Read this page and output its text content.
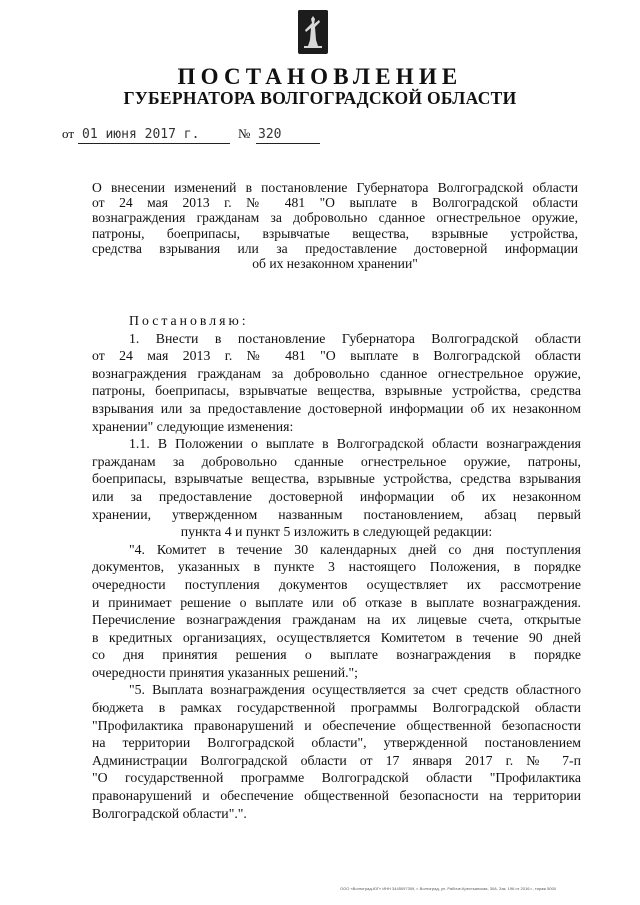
ПОСТАНОВЛЕНИЕ
ГУБЕРНАТОРА ВОЛГОГРАДСКОЙ ОБЛАСТИ
от 01 июня 2017 г.	№ 320
О внесении изменений в постановление Губернатора Волгоградской области
от 24 мая 2013 г. № 481 "О выплате в Волгоградской области
вознаграждения гражданам за добровольно сданное огнестрельное оружие,
патроны, боеприпасы, взрывчатые вещества, взрывные устройства,
средства взрывания или за предоставление достоверной информации
об их незаконном хранении"
Постановляю:
1. Внести в постановление Губернатора Волгоградской области
от 24 мая 2013 г. № 481 "О выплате в Волгоградской области
вознаграждения гражданам за добровольно сданное огнестрельное оружие,
патроны, боеприпасы, взрывчатые вещества, взрывные устройства, средства
взрывания или за предоставление достоверной информации об их незаконном
хранении" следующие изменения:
1.1. В Положении о выплате в Волгоградской области вознаграждения
гражданам за добровольно сданные огнестрельное оружие, патроны,
боеприпасы, взрывчатые вещества, взрывные устройства, средства взрывания
или за предоставление достоверной информации об их незаконном
хранении, утвержденном названным постановлением, абзац первый
пункта 4 и пункт 5 изложить в следующей редакции:
"4. Комитет в течение 30 календарных дней со дня поступления
документов, указанных в пункте 3 настоящего Положения, в порядке
очередности поступления документов осуществляет их рассмотрение
и принимает решение о выплате или об отказе в выплате вознаграждения.
Перечисление вознаграждения гражданам на их лицевые счета, открытые
в кредитных организациях, осуществляется Комитетом в течение 90 дней
со дня принятия решения о выплате вознаграждения в порядке
очередности принятия указанных решений.";
"5. Выплата вознаграждения осуществляется за счет средств областного
бюджета в рамках государственной программы Волгоградской области
"Профилактика правонарушений и обеспечение общественной безопасности
на территории Волгоградской области", утвержденной постановлением
Администрации Волгоградской области от 17 января 2017 г. № 7-п
"О государственной программе Волгоградской области "Профилактика
правонарушений и обеспечение общественной безопасности на территории
Волгоградской области".".
ООО «Волгоград-ЮГ» ИНН 3445097309, г. Волгоград, ул. Рабоче-Крестьянская, 30А. Зак. 196 от 2016 г., тираж 5000
